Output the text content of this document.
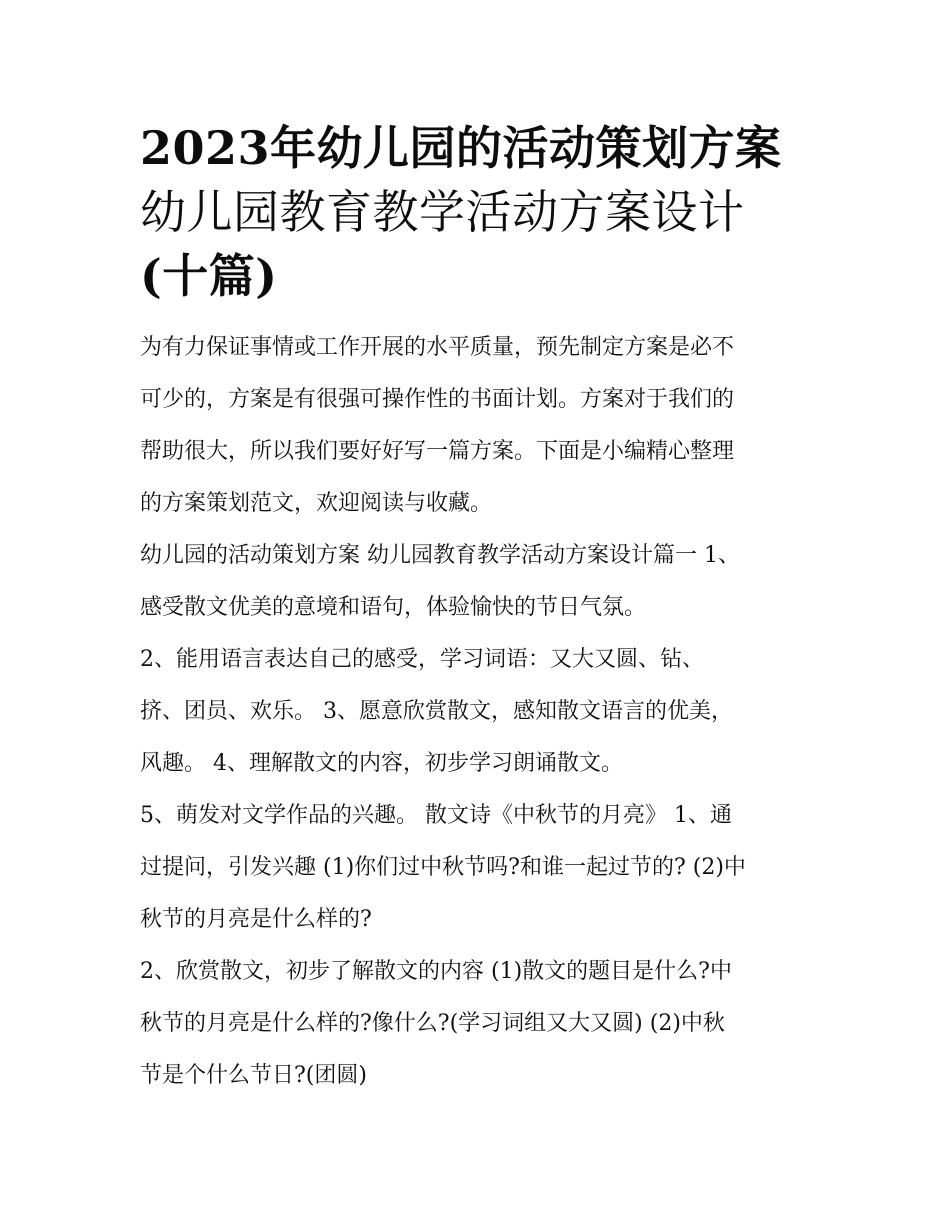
2023年幼儿园的活动策划方案
幼儿园教育教学活动方案设计
(十篇)

为有力保证事情或工作开展的水平质量，预先制定方案是必不
可少的，方案是有很强可操作性的书面计划。方案对于我们的
帮助很大，所以我们要好好写一篇方案。下面是小编精心整理
的方案策划范文，欢迎阅读与收藏。

幼儿园的活动策划方案 幼儿园教育教学活动方案设计篇一 1、
感受散文优美的意境和语句，体验愉快的节日气氛。

2、能用语言表达自己的感受，学习词语：又大又圆、钻、
挤、团员、欢乐。 3、愿意欣赏散文，感知散文语言的优美，
风趣。 4、理解散文的内容，初步学习朗诵散文。

5、萌发对文学作品的兴趣。 散文诗《中秋节的月亮》 1、通
过提问，引发兴趣 (1)你们过中秋节吗?和谁一起过节的? (2)中
秋节的月亮是什么样的?

2、欣赏散文，初步了解散文的内容 (1)散文的题目是什么?中
秋节的月亮是什么样的?像什么?(学习词组又大又圆) (2)中秋
节是个什么节日?(团圆)
